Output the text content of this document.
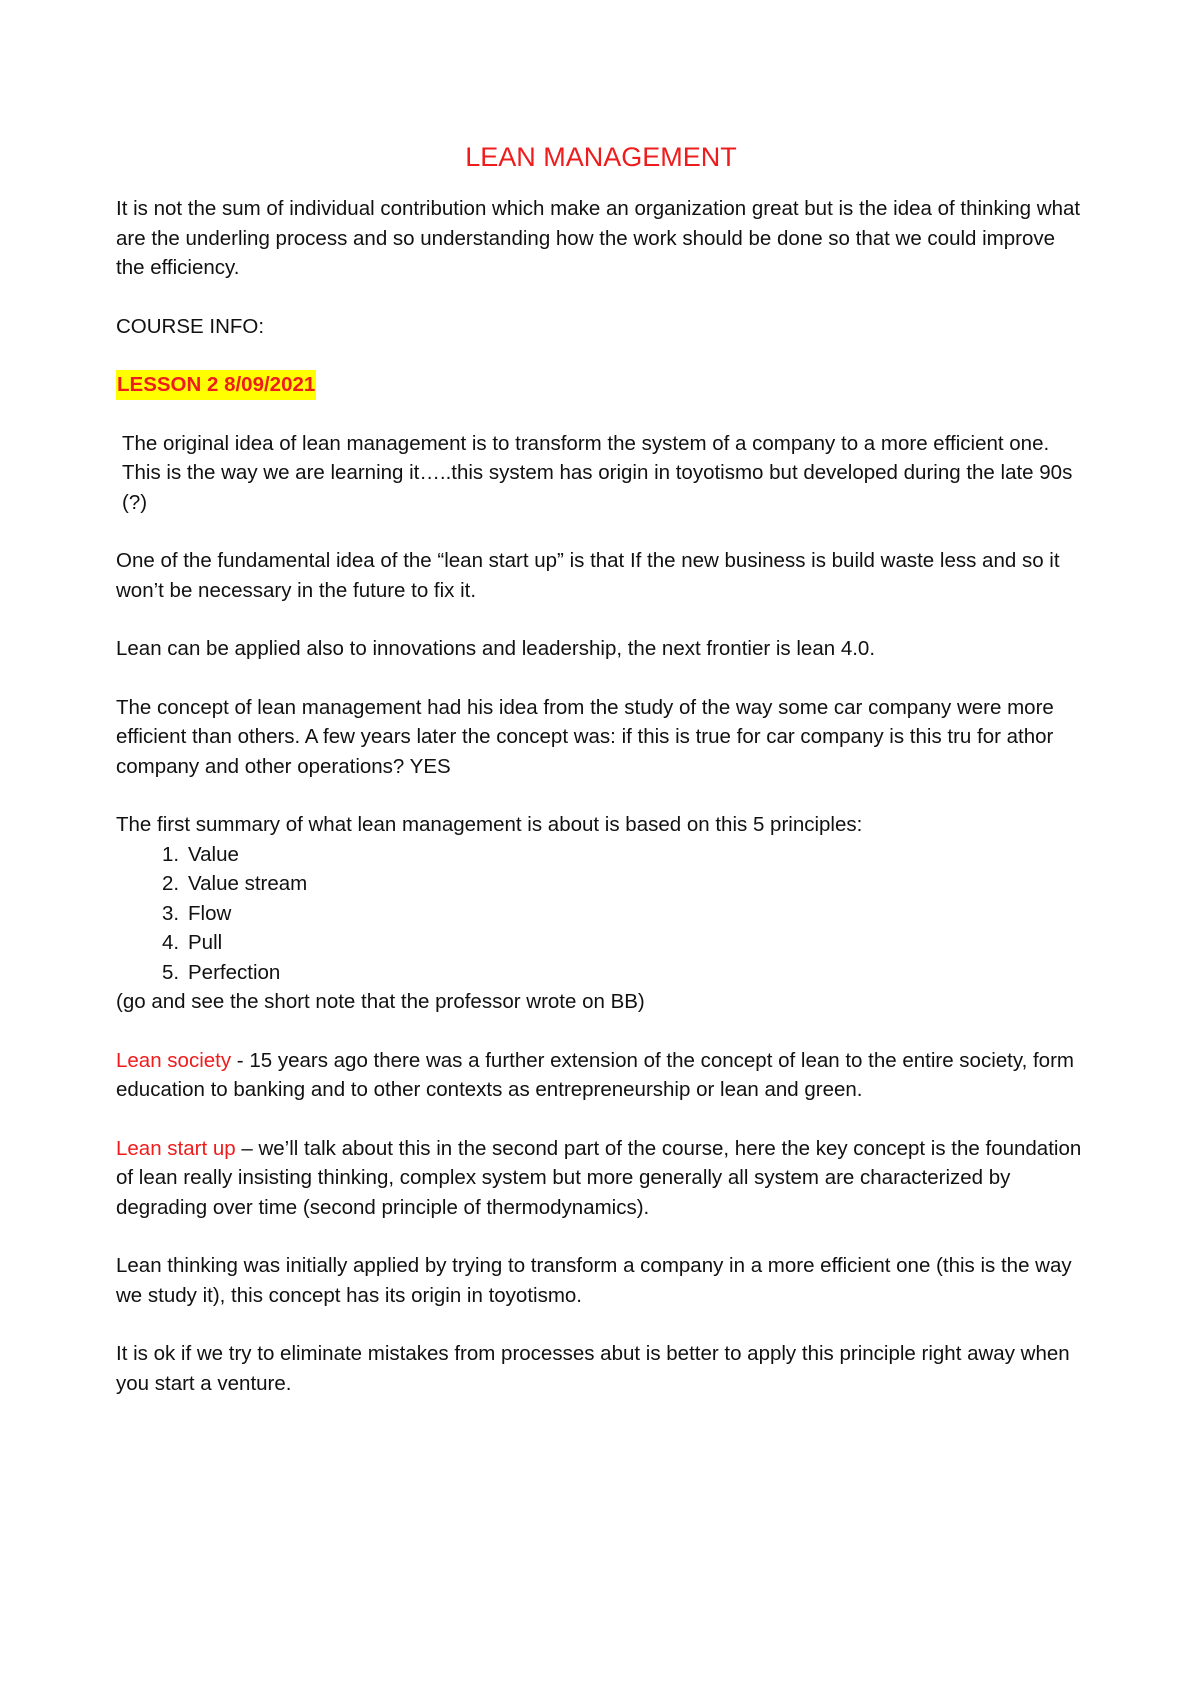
LEAN MANAGEMENT

It is not the sum of individual contribution which make an organization great but is the idea of thinking what are the underling process and so understanding how the work should be done so that we could improve the efficiency.

COURSE INFO:

LESSON 2 8/09/2021

The original idea of lean management is to transform the system of a company to a more efficient one. This is the way we are learning it…..this system has origin in toyotismo but developed during the late 90s (?)

One of the fundamental idea of the “lean start up” is that If the new business is build waste less and so it won’t be necessary in the future to fix it.

Lean can be applied also to innovations and leadership, the next frontier is lean 4.0.

The concept of lean management had his idea from the study of the way some car company were more efficient than others. A few years later the concept was: if this is true for car company is this tru for athor company and other operations? YES

The first summary of what lean management is about is based on this 5 principles:
1. Value
2. Value stream
3. Flow
4. Pull
5. Perfection

(go and see the short note that the professor wrote on BB)

Lean society - 15 years ago there was a further extension of the concept of lean to the entire society, form education to banking and to other contexts as entrepreneurship or lean and green.

Lean start up – we’ll talk about this in the second part of the course, here the key concept is the foundation of lean really insisting thinking, complex system but more generally all system are characterized by degrading over time (second principle of thermodynamics).

Lean thinking was initially applied by trying to transform a company in a more efficient one (this is the way we study it), this concept has its origin in toyotismo.

It is ok if we try to eliminate mistakes from processes abut is better to apply this principle right away when you start a venture.
